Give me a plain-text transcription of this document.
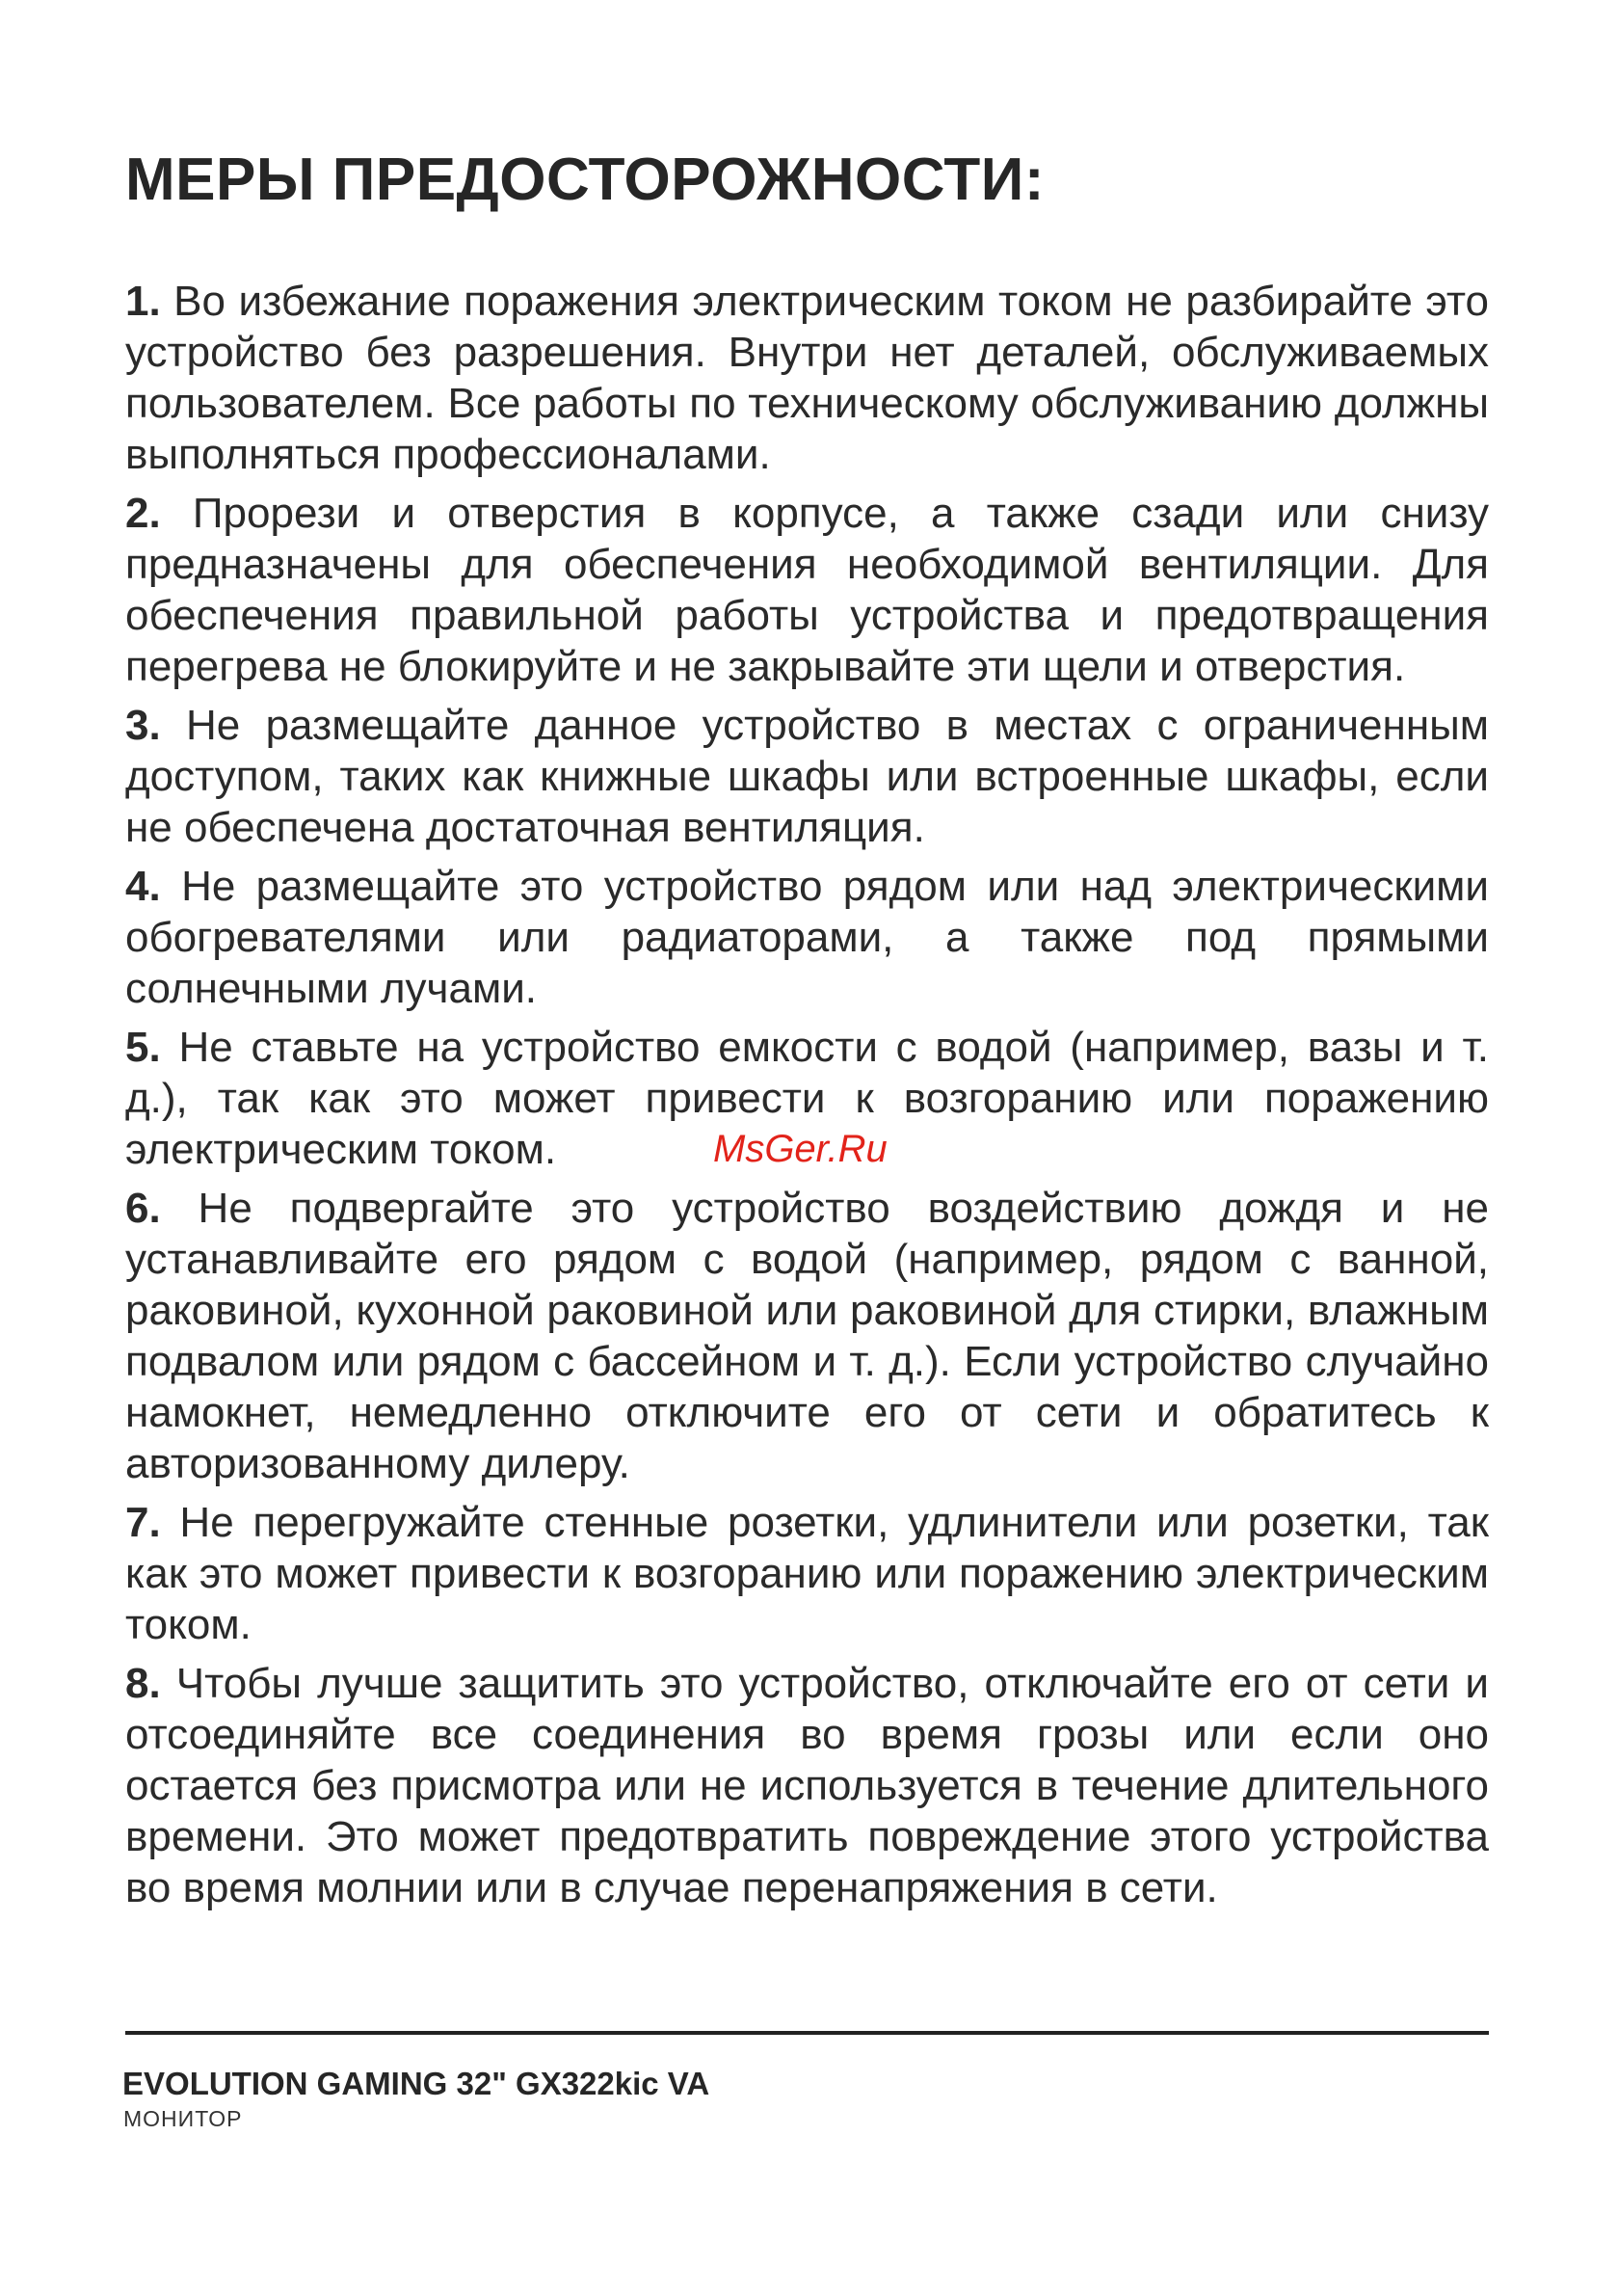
МЕРЫ ПРЕДОСТОРОЖНОСТИ:

1. Во избежание поражения электрическим током не разбирайте это устройство без разрешения. Внутри нет деталей, обслуживаемых пользователем. Все работы по техническому обслуживанию должны выполняться профессионалами.

2. Прорези и отверстия в корпусе, а также сзади или снизу предназначены для обеспечения необходимой вентиляции. Для обеспечения правильной работы устройства и предотвращения перегрева не блокируйте и не закрывайте эти щели и отверстия.

3. Не размещайте данное устройство в местах с ограниченным доступом, таких как книжные шкафы или встроенные шкафы, если не обеспечена достаточная вентиляция.

4. Не размещайте это устройство рядом или над электрическими обогревателями или радиаторами, а также под прямыми солнечными лучами.

5. Не ставьте на устройство емкости с водой (например, вазы и т. д.), так как это может привести к возгоранию или поражению электрическим током.

6. Не подвергайте это устройство воздействию дождя и не устанавливайте его рядом с водой (например, рядом с ванной, раковиной, кухонной раковиной или раковиной для стирки, влажным подвалом или рядом с бассейном и т. д.). Если устройство случайно намокнет, немедленно отключите его от сети и обратитесь к авторизованному дилеру.

7. Не перегружайте стенные розетки, удлинители или розетки, так как это может привести к возгоранию или поражению электрическим током.

8. Чтобы лучше защитить это устройство, отключайте его от сети и отсоединяйте все соединения во время грозы или если оно остается без присмотра или не используется в течение длительного времени. Это может предотвратить повреждение этого устройства во время молнии или в случае перенапряжения в сети.

MsGer.Ru
EVOLUTION GAMING 32" GX322kic VA
МОНИТОР
